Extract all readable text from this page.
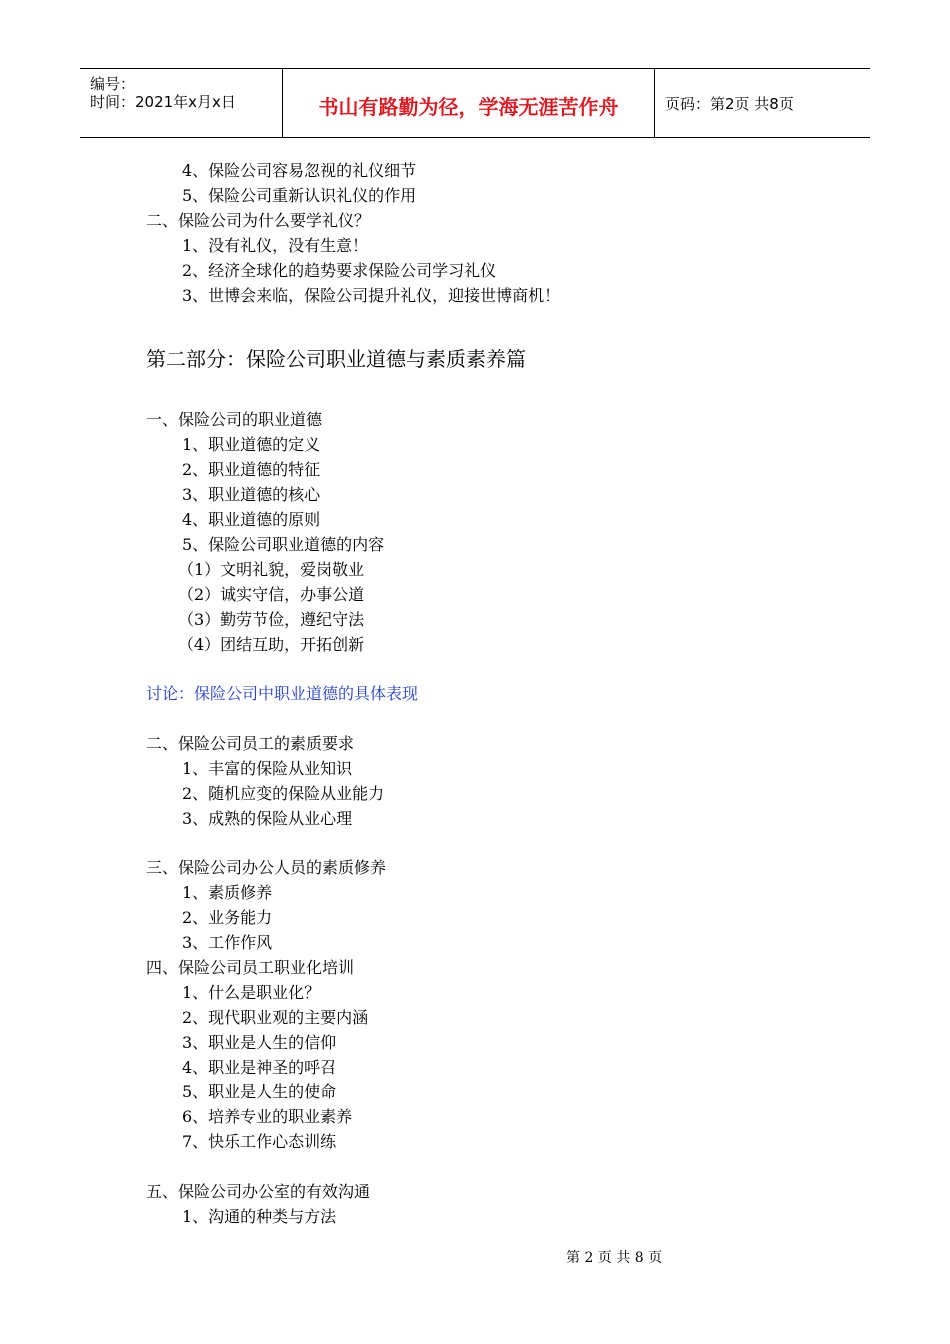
编号：
时间：2021年x月x日	书山有路勤为径，学海无涯苦作舟	页码：第2页 共8页
4、保险公司容易忽视的礼仪细节
5、保险公司重新认识礼仪的作用
二、保险公司为什么要学礼仪？
1、没有礼仪，没有生意！
2、经济全球化的趋势要求保险公司学习礼仪
3、世博会来临，保险公司提升礼仪，迎接世博商机！
第二部分：保险公司职业道德与素质素养篇
一、保险公司的职业道德
1、职业道德的定义
2、职业道德的特征
3、职业道德的核心
4、职业道德的原则
5、保险公司职业道德的内容
（1）文明礼貌，爱岗敬业
（2）诚实守信，办事公道
（3）勤劳节俭，遵纪守法
（4）团结互助，开拓创新
讨论：保险公司中职业道德的具体表现
二、保险公司员工的素质要求
1、丰富的保险从业知识
2、随机应变的保险从业能力
3、成熟的保险从业心理
三、保险公司办公人员的素质修养
1、素质修养
2、业务能力
3、工作作风
四、保险公司员工职业化培训
1、什么是职业化？
2、现代职业观的主要内涵
3、职业是人生的信仰
4、职业是神圣的呼召
5、职业是人生的使命
6、培养专业的职业素养
7、快乐工作心态训练
五、保险公司办公室的有效沟通
1、沟通的种类与方法
第 2 页 共 8 页
